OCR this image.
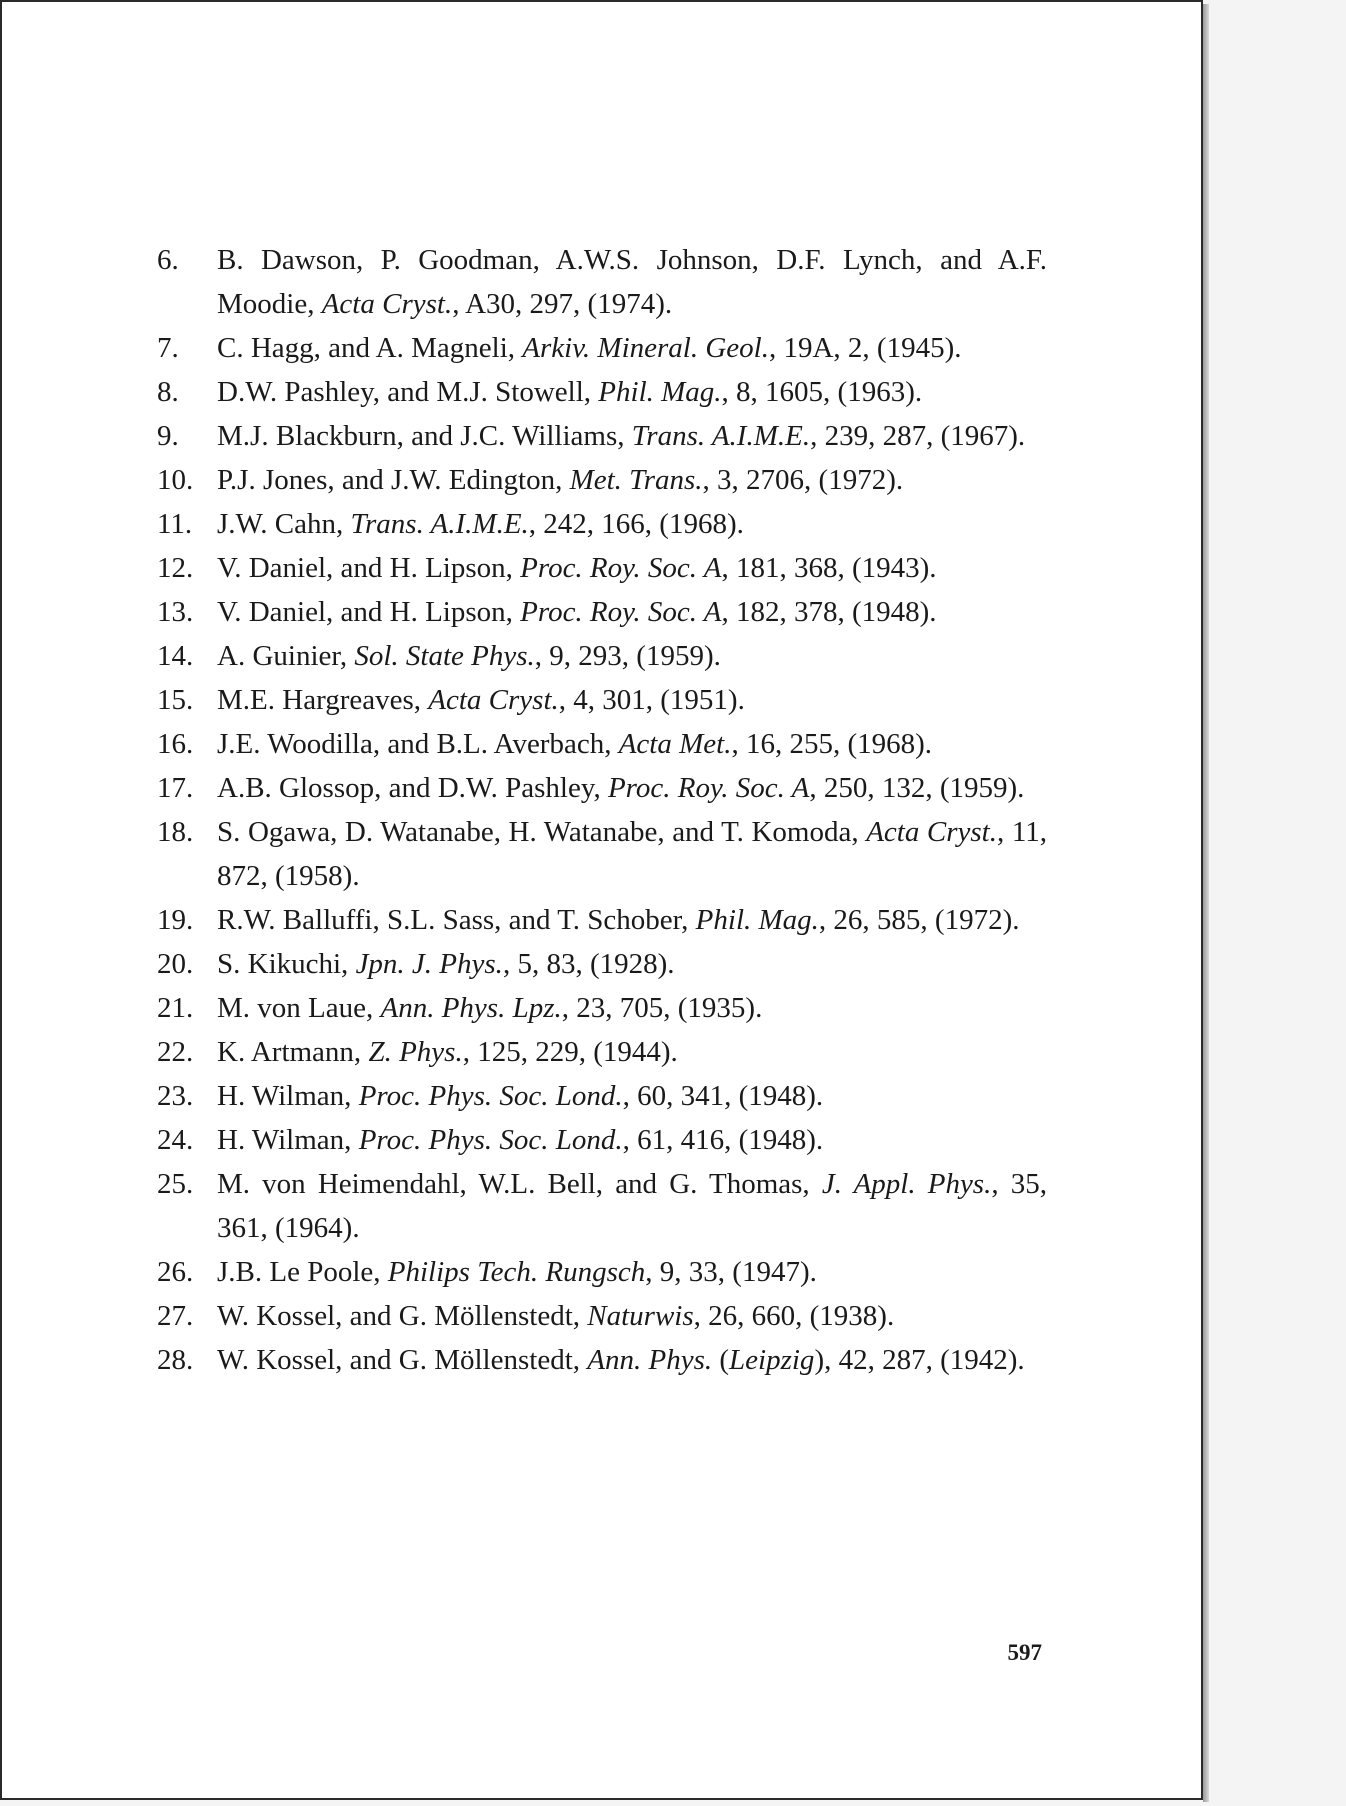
6. B. Dawson, P. Goodman, A.W.S. Johnson, D.F. Lynch, and A.F. Moodie, Acta Cryst., A30, 297, (1974).
7. C. Hagg, and A. Magneli, Arkiv. Mineral. Geol., 19A, 2, (1945).
8. D.W. Pashley, and M.J. Stowell, Phil. Mag., 8, 1605, (1963).
9. M.J. Blackburn, and J.C. Williams, Trans. A.I.M.E., 239, 287, (1967).
10. P.J. Jones, and J.W. Edington, Met. Trans., 3, 2706, (1972).
11. J.W. Cahn, Trans. A.I.M.E., 242, 166, (1968).
12. V. Daniel, and H. Lipson, Proc. Roy. Soc. A, 181, 368, (1943).
13. V. Daniel, and H. Lipson, Proc. Roy. Soc. A, 182, 378, (1948).
14. A. Guinier, Sol. State Phys., 9, 293, (1959).
15. M.E. Hargreaves, Acta Cryst., 4, 301, (1951).
16. J.E. Woodilla, and B.L. Averbach, Acta Met., 16, 255, (1968).
17. A.B. Glossop, and D.W. Pashley, Proc. Roy. Soc. A, 250, 132, (1959).
18. S. Ogawa, D. Watanabe, H. Watanabe, and T. Komoda, Acta Cryst., 11, 872, (1958).
19. R.W. Balluffi, S.L. Sass, and T. Schober, Phil. Mag., 26, 585, (1972).
20. S. Kikuchi, Jpn. J. Phys., 5, 83, (1928).
21. M. von Laue, Ann. Phys. Lpz., 23, 705, (1935).
22. K. Artmann, Z. Phys., 125, 229, (1944).
23. H. Wilman, Proc. Phys. Soc. Lond., 60, 341, (1948).
24. H. Wilman, Proc. Phys. Soc. Lond., 61, 416, (1948).
25. M. von Heimendahl, W.L. Bell, and G. Thomas, J. Appl. Phys., 35, 361, (1964).
26. J.B. Le Poole, Philips Tech. Rungsch, 9, 33, (1947).
27. W. Kossel, and G. Möllenstedt, Naturwis, 26, 660, (1938).
28. W. Kossel, and G. Möllenstedt, Ann. Phys. (Leipzig), 42, 287, (1942).
597
